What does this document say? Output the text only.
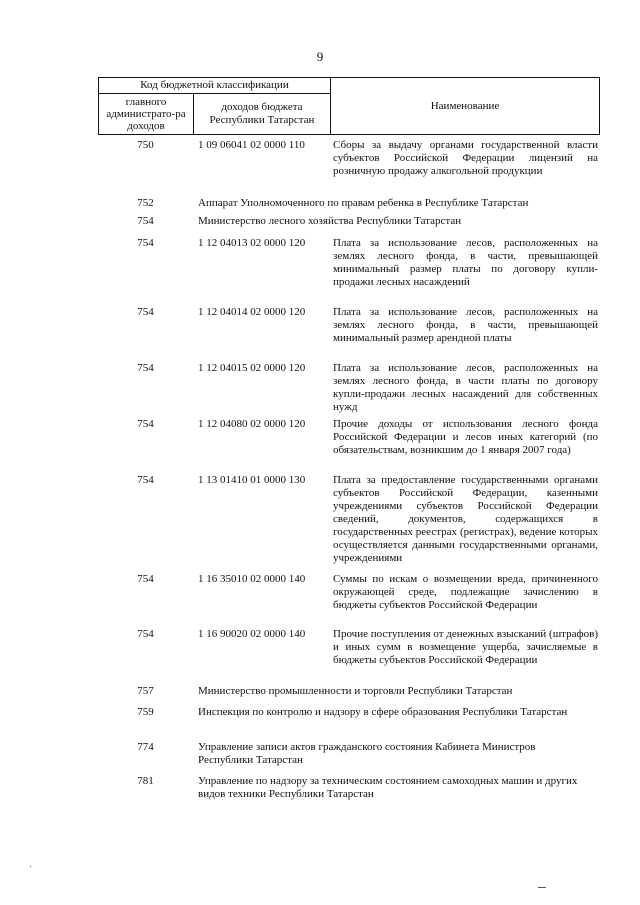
9
Код бюджетной классификации
главного администрато-ра доходов
доходов бюджета Республики Татарстан
Наименование
750	1 09 06041 02 0000 110	Сборы за выдачу органами государственной власти субъектов Российской Федерации лицензий на розничную продажу алкогольной продукции
752	Аппарат Уполномоченного по правам ребенка в Республике Татарстан
754	Министерство лесного хозяйства Республики Татарстан
754	1 12 04013 02 0000 120	Плата за использование лесов, расположенных на землях лесного фонда, в части, превышающей минимальный размер платы по договору купли-продажи лесных насаждений
754	1 12 04014 02 0000 120	Плата за использование лесов, расположенных на землях лесного фонда, в части, превышающей минимальный размер арендной платы
754	1 12 04015 02 0000 120	Плата за использование лесов, расположенных на землях лесного фонда, в части платы по договору купли-продажи лесных насаждений для собственных нужд
754	1 12 04080 02 0000 120	Прочие доходы от использования лесного фонда Российской Федерации и лесов иных категорий (по обязательствам, возникшим до 1 января 2007 года)
754	1 13 01410 01 0000 130	Плата за предоставление государственными органами субъектов Российской Федерации, казенными учреждениями субъектов Российской Федерации сведений, документов, содержащихся в государственных реестрах (регистрах), ведение которых осуществляется данными государственными органами, учреждениями
754	1 16 35010 02 0000 140	Суммы по искам о возмещении вреда, причиненного окружающей среде, подлежащие зачислению в бюджеты субъектов Российской Федерации
754	1 16 90020 02 0000 140	Прочие поступления от денежных взысканий (штрафов) и иных сумм в возмещение ущерба, зачисляемые в бюджеты субъектов Российской Федерации
757	Министерство промышленности и торговли Республики Татарстан
759	Инспекция по контролю и надзору в сфере образования Республики Татарстан
774	Управление записи актов гражданского состояния Кабинета Министров Республики Татарстан
781	Управление по надзору за техническим состоянием самоходных машин и других видов техники Республики Татарстан
